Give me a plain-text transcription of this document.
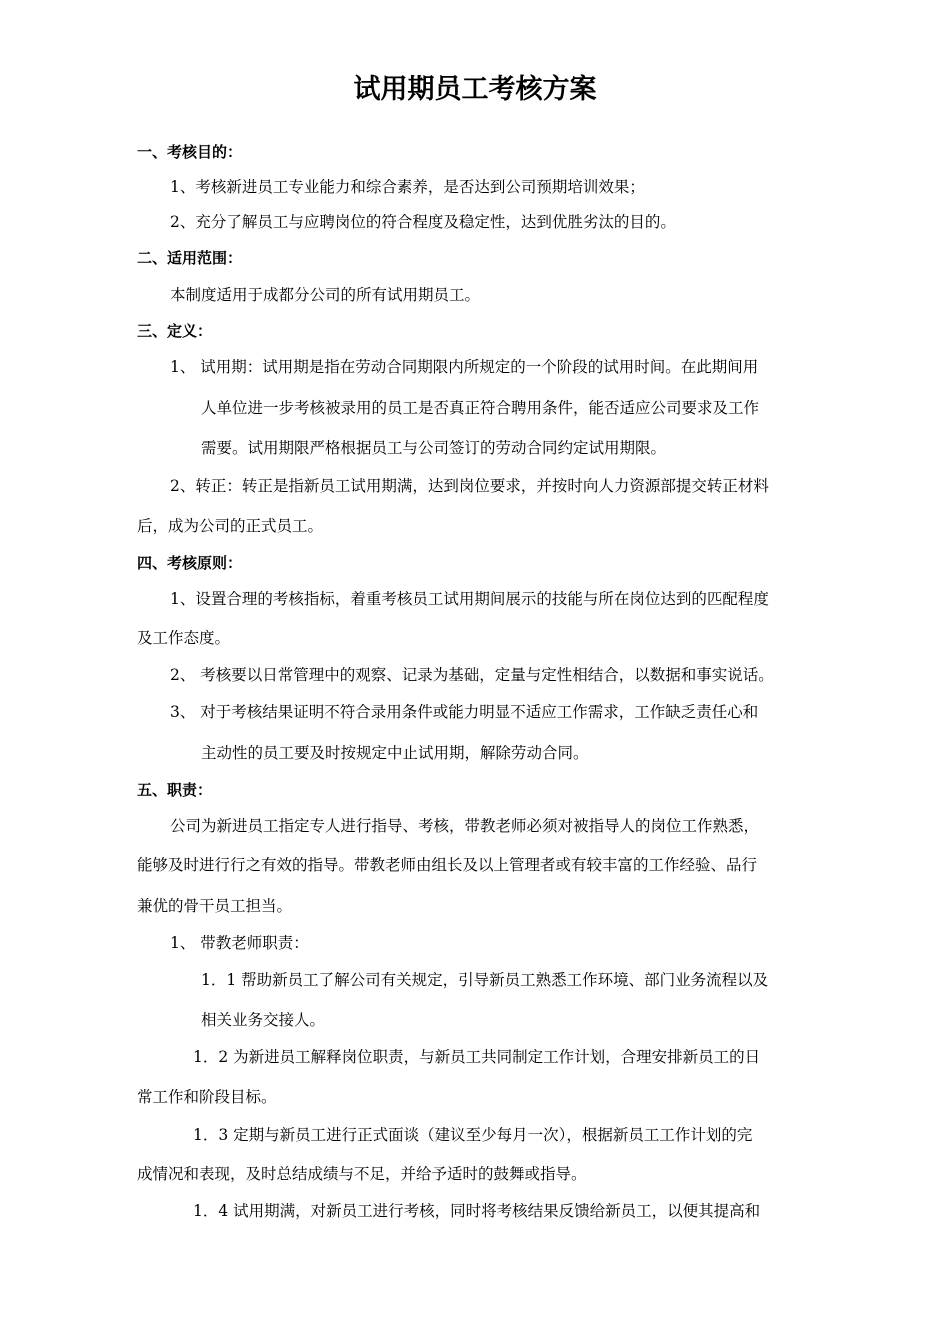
试用期员工考核方案
一、考核目的：
1、考核新进员工专业能力和综合素养，是否达到公司预期培训效果；
2、充分了解员工与应聘岗位的符合程度及稳定性，达到优胜劣汰的目的。
二、适用范围：
本制度适用于成都分公司的所有试用期员工。
三、定义：
1、 试用期：试用期是指在劳动合同期限内所规定的一个阶段的试用时间。在此期间用
人单位进一步考核被录用的员工是否真正符合聘用条件，能否适应公司要求及工作
需要。试用期限严格根据员工与公司签订的劳动合同约定试用期限。
2、转正：转正是指新员工试用期满，达到岗位要求，并按时向人力资源部提交转正材料
后，成为公司的正式员工。
四、考核原则：
1、设置合理的考核指标，着重考核员工试用期间展示的技能与所在岗位达到的匹配程度
及工作态度。
2、 考核要以日常管理中的观察、记录为基础，定量与定性相结合，以数据和事实说话。
3、 对于考核结果证明不符合录用条件或能力明显不适应工作需求，工作缺乏责任心和
主动性的员工要及时按规定中止试用期，解除劳动合同。
五、职责：
公司为新进员工指定专人进行指导、考核，带教老师必须对被指导人的岗位工作熟悉，
能够及时进行行之有效的指导。带教老师由组长及以上管理者或有较丰富的工作经验、品行
兼优的骨干员工担当。
1、 带教老师职责：
1．1 帮助新员工了解公司有关规定，引导新员工熟悉工作环境、部门业务流程以及
相关业务交接人。
1．2 为新进员工解释岗位职责，与新员工共同制定工作计划，合理安排新员工的日
常工作和阶段目标。
1．3 定期与新员工进行正式面谈（建议至少每月一次），根据新员工工作计划的完
成情况和表现，及时总结成绩与不足，并给予适时的鼓舞或指导。
1．4 试用期满，对新员工进行考核，同时将考核结果反馈给新员工，以便其提高和
